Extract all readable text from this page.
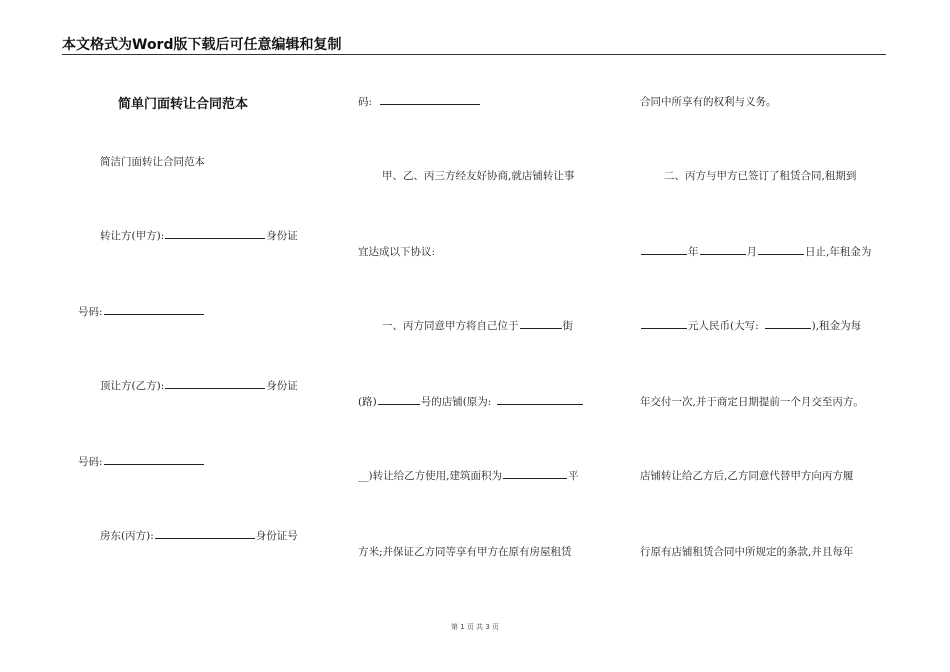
本文格式为Word版下载后可任意编辑和复制
简单门面转让合同范本
简洁门面转让合同范本
转让方(甲方):	身份证
号码:
顶让方(乙方):	身份证
号码:
房东(丙方):	身份证号
码:
甲、乙、丙三方经友好协商,就店铺转让事
宜达成以下协议:
一、丙方同意甲方将自己位于	街
(路)	号的店铺(原为:
__) 转让给乙方使用,建筑面积为	平
方米;并保证乙方同等享有甲方在原有房屋租赁
合同中所享有的权利与义务。
二、丙方与甲方已签订了租赁合同,租期到
年	月	日止,年租金为
元人民币(大写:	),租金为每
年交付一次,并于商定日期提前一个月交至丙方。
店铺转让给乙方后,乙方同意代替甲方向丙方履
行原有店铺租赁合同中所规定的条款,并且每年
第 1 页 共 3 页
